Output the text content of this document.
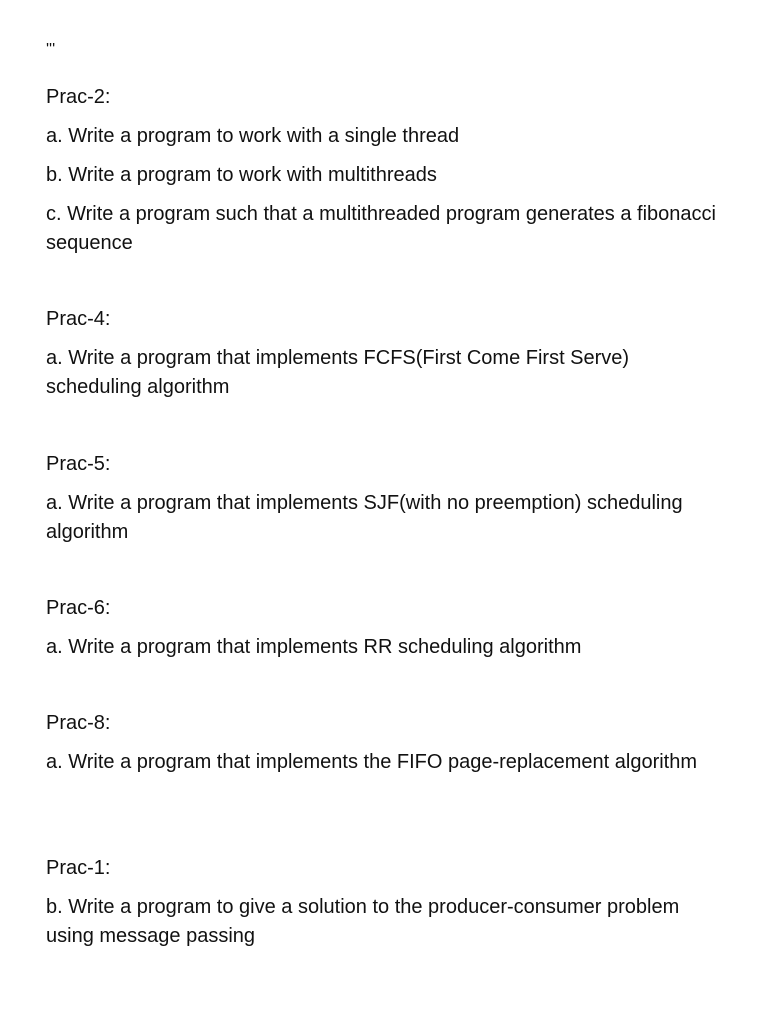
'''

Prac-2:

a. Write a program to work with a single thread

b. Write a program to work with multithreads

c. Write a program such that a multithreaded program generates a fibonacci sequence

Prac-4:

a. Write a program that implements FCFS(First Come First Serve) scheduling algorithm

Prac-5:

a. Write a program that implements SJF(with no preemption) scheduling algorithm

Prac-6:

a. Write a program that implements RR scheduling algorithm

Prac-8:

a. Write a program that implements the FIFO page-replacement algorithm

Prac-1:

b. Write a program to give a solution to the producer-consumer problem using message passing
